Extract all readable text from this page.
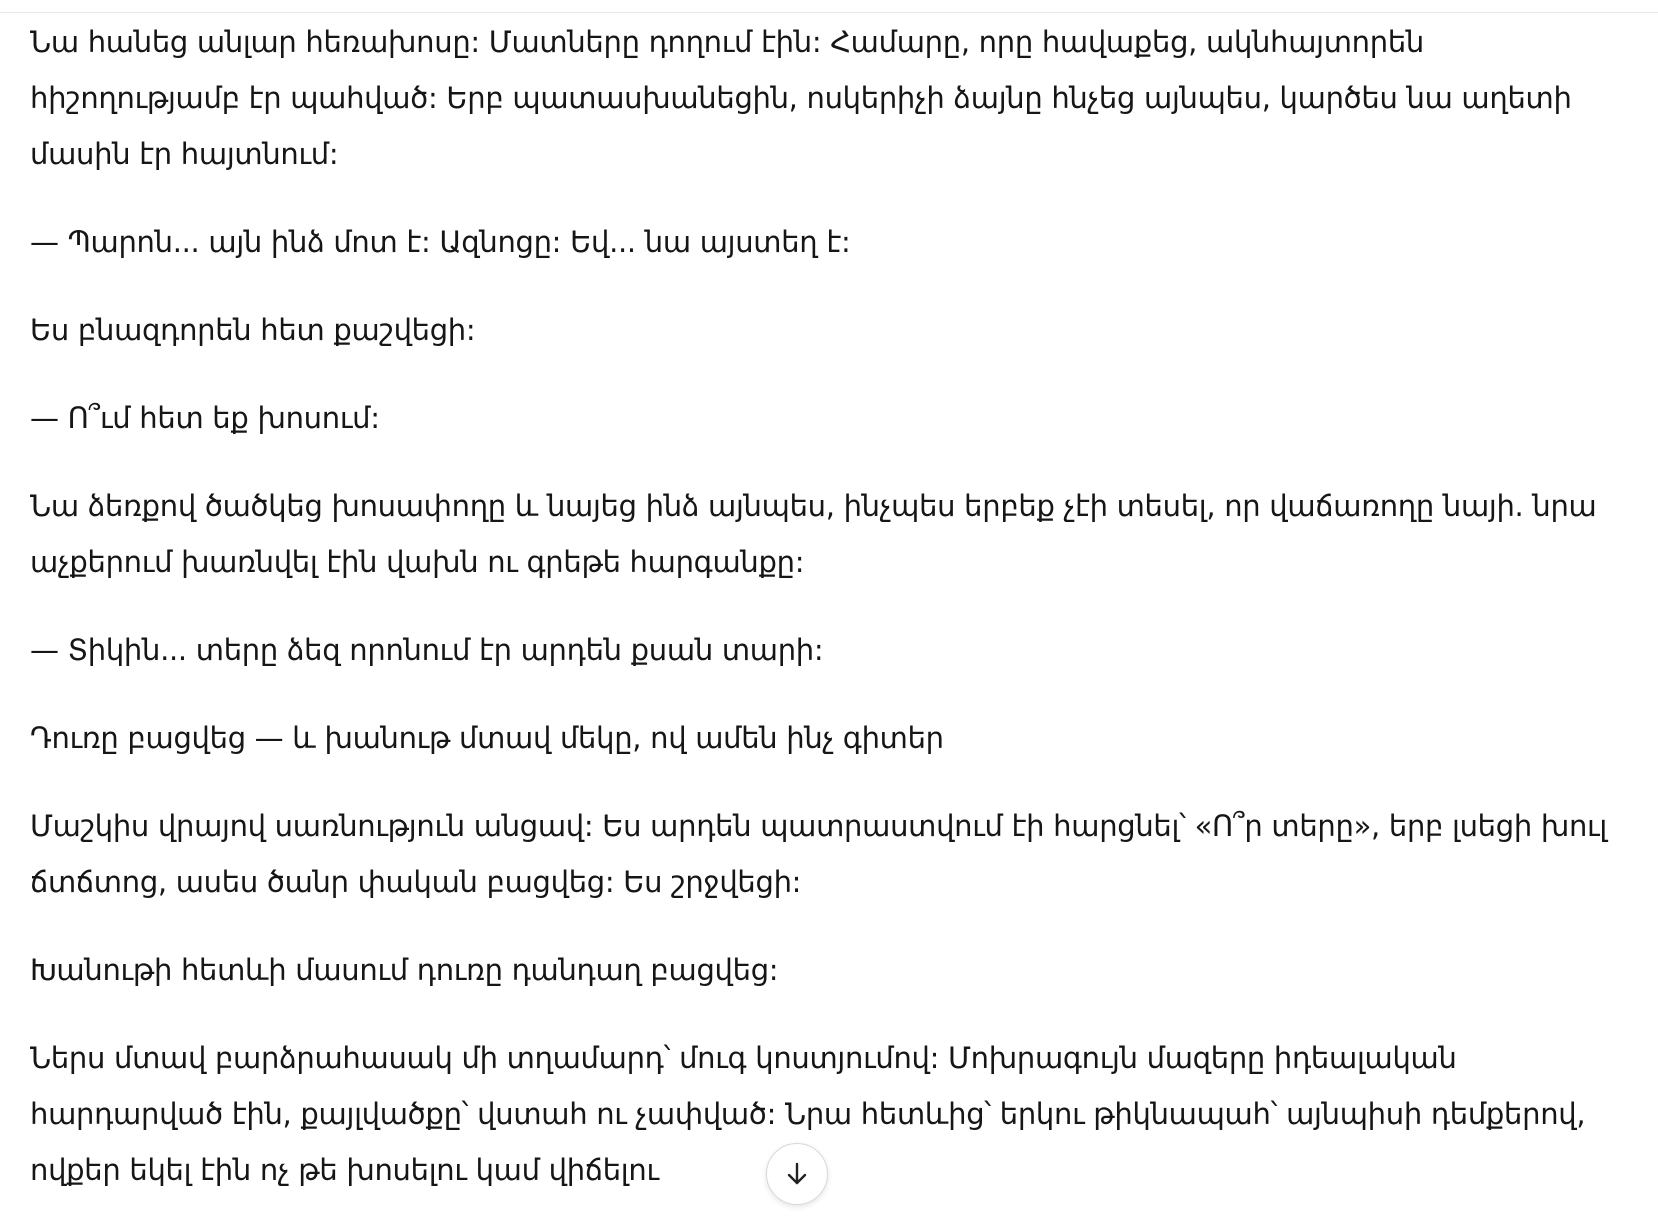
Նա հանեց անլար հեռախոսը: Մատները դողում էին: Համարը, որը հավաքեց, ակնհայտորեն հիշողությամբ էր պահված: Երբ պատասխանեցին, ոսկերիչի ձայնը հնչեց այնպես, կարծես նա աղետի մասին էր հայտնում:

— Պարոն... այն ինձ մոտ է: Ազնոցը: Եվ... նա այստեղ է:

Ես բնազդորեն հետ քաշվեցի:

— Ո՞ւմ հետ եք խոսում:

Նա ձեռքով ծածկեց խոսափողը և նայեց ինձ այնպես, ինչպես երբեք չէի տեսել, որ վաճառողը նայի. նրա աչքերում խառնվել էին վախն ու գրեթե հարգանքը:

— Տիկին... տերը ձեզ որոնում էր արդեն քսան տարի:

Դուռը բացվեց — և խանութ մտավ մեկը, ով ամեն ինչ գիտեր

Մաշկիս վրայով սառնություն անցավ: Ես արդեն պատրաստվում էի հարցնել՝ «Ո՞ր տերը», երբ լսեցի խուլ ճտճտոց, ասես ծանր փական բացվեց: Ես շրջվեցի:

Խանութի հետևի մասում դուռը դանդաղ բացվեց:

Ներս մտավ բարձրահասակ մի տղամարդ՝ մուգ կոստյումով: Մոխրագույն մազերը իդեալական հարդարված էին, քայլվածքը՝ վստահ ու չափված: Նրա հետևից՝ երկու թիկնապահ՝ այնպիսի դեմքերով, ովքեր եկել էին ոչ թե խոսելու կամ վիճելու
